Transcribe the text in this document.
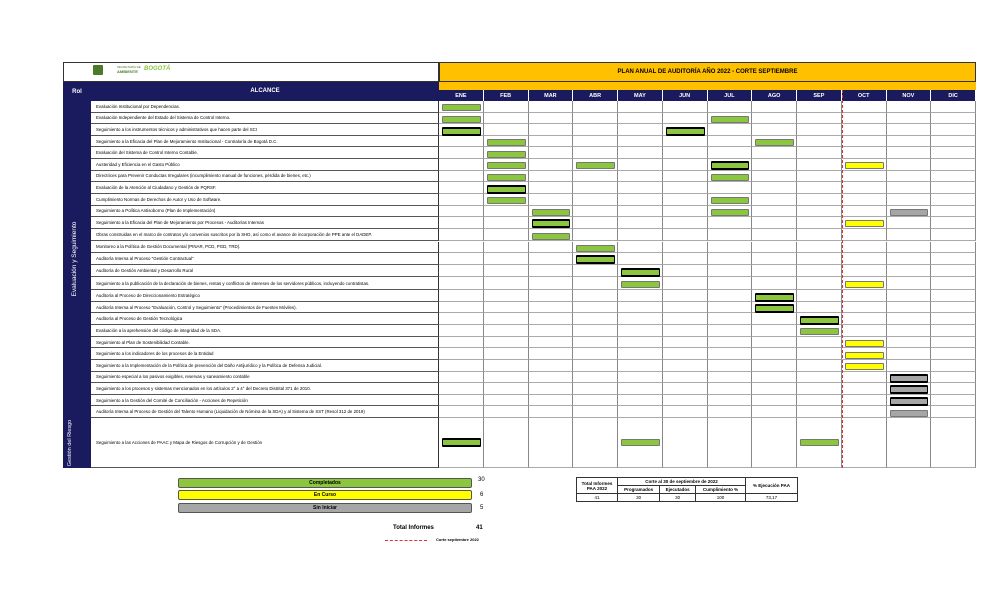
SECRETARÍA DE
AMBIENTE BOGOTÁ	PLAN ANUAL DE AUDITORÍA AÑO 2022 - CORTE SEPTIEMBRE
Rol	ALCANCE
ENE	FEB	MAR	ABR	MAY	JUN	JUL	AGO	SEP	OCT	NOV	DIC
Evaluación y Seguimiento
Gestión del Riesgo
Evaluación Institucional por Dependencias.
Evaluación Independiente del Estado del Sistema de Control Interno.
Seguimiento a los instrumentos técnicos y administrativos que hacen parte del SCI
Seguimiento a la Eficacia del Plan de Mejoramiento Institucional - Contraloría de Bogotá D.C.
Evaluación del Sistema de Control Interno Contable.
Austeridad y Eficiencia en el Gasto Público
Directrices para Prevenir Conductas Irregulares (incumplimiento manual de funciones, pérdida de bienes, etc.)
Evaluación de la Atención al Ciudadano y Gestión de PQRSF.
Cumplimiento Normas de Derechos de Autor y Uso de Software.
Seguimiento a Política Antisoborno (Plan de Implementación)
Seguimiento a la Eficacia del Plan de Mejoramiento por Procesos - Auditorías Internas
Obras construidas en el marco de contratos y/o convenios suscritos por la SHD, así como el avance de incorporación de PPE ante el DADEP.
Monitoreo a la Política de Gestión Documental (PINAR, PCD, PGD, TRD).
Auditoría Interna al Proceso "Gestión Contractual"
Auditoría de Gestión Ambiental y Desarrollo Rural
Seguimiento a la publicación de la declaración de bienes, rentas y conflictos de intereses de los servidores públicos, incluyendo contratistas.
Auditoría al Proceso de Direccionamiento Estratégico
Auditoría Interna al Proceso "Evaluación, Control y Seguimiento" (Procedimientos de Fuentes Móviles).
Auditoría al Proceso de Gestión Tecnológica
Evaluación a la aprehensión del código de integridad de la SDA.
Seguimiento al Plan de Sostenibilidad Contable.
Seguimiento a los indicadores de los procesos de la Entidad
Seguimiento a la Implementación de la Política de prevención del Daño Antijurídico y la Política de Defensa Judicial.
Seguimiento especial a los pasivos exigibles, reservas y saneamiento contable
Seguimiento a los procesos y sistemas mencionados en los artículos 2° a 4° del Decreto Distrital 371 de 2010.
Seguimiento a la Gestión del Comité de Conciliación - Acciones de Repetición
Auditoría Interna al Proceso de Gestión del Talento Humano (Liquidación de Nómina de la SDA) y al Sistema de SST (Resol 312 de 2019)
Seguimiento a las Acciones de PAAC y Mapa de Riesgos de Corrupción y de Gestión
Completados	30
En Curso	6
Sin Iniciar	5
Total Informes	41
Corte septiembre 2022
Total Informes PAA 2022	Corte al 30 de septiembre de 2022			% Ejecución PAA
	Programados	Ejecutados	Cumplimiento %	
41	30	30	100	73,17
